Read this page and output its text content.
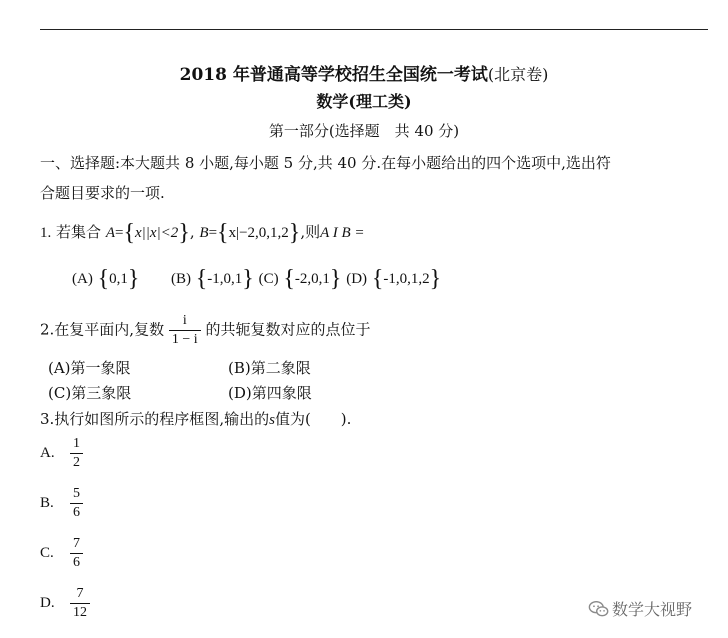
2018 年普通高等学校招生全国统一考试(北京卷)
数学(理工类)
第一部分(选择题　共 40 分)
一、选择题:本大题共 8 小题,每小题 5 分,共 40 分.在每小题给出的四个选项中,选出符
合题目要求的一项.
1. 若集合 A={x||x|<2}, B={x|−2,0,1,2},则A I B =
(A) {0,1} (B) {-1,0,1} (C) {-2,0,1} (D) {-1,0,1,2}
2.在复平面内,复数 $\frac{i}{1 - i}$ 的共轭复数对应的点位于
(A)第一象限	(B)第二象限
(C)第三象限	(D)第四象限
3.执行如图所示的程序框图,输出的s值为(　　).
A. $\frac{1}{2}$
B. $\frac{5}{6}$
C. $\frac{7}{6}$
D. $\frac{7}{12}$	数学大视野
